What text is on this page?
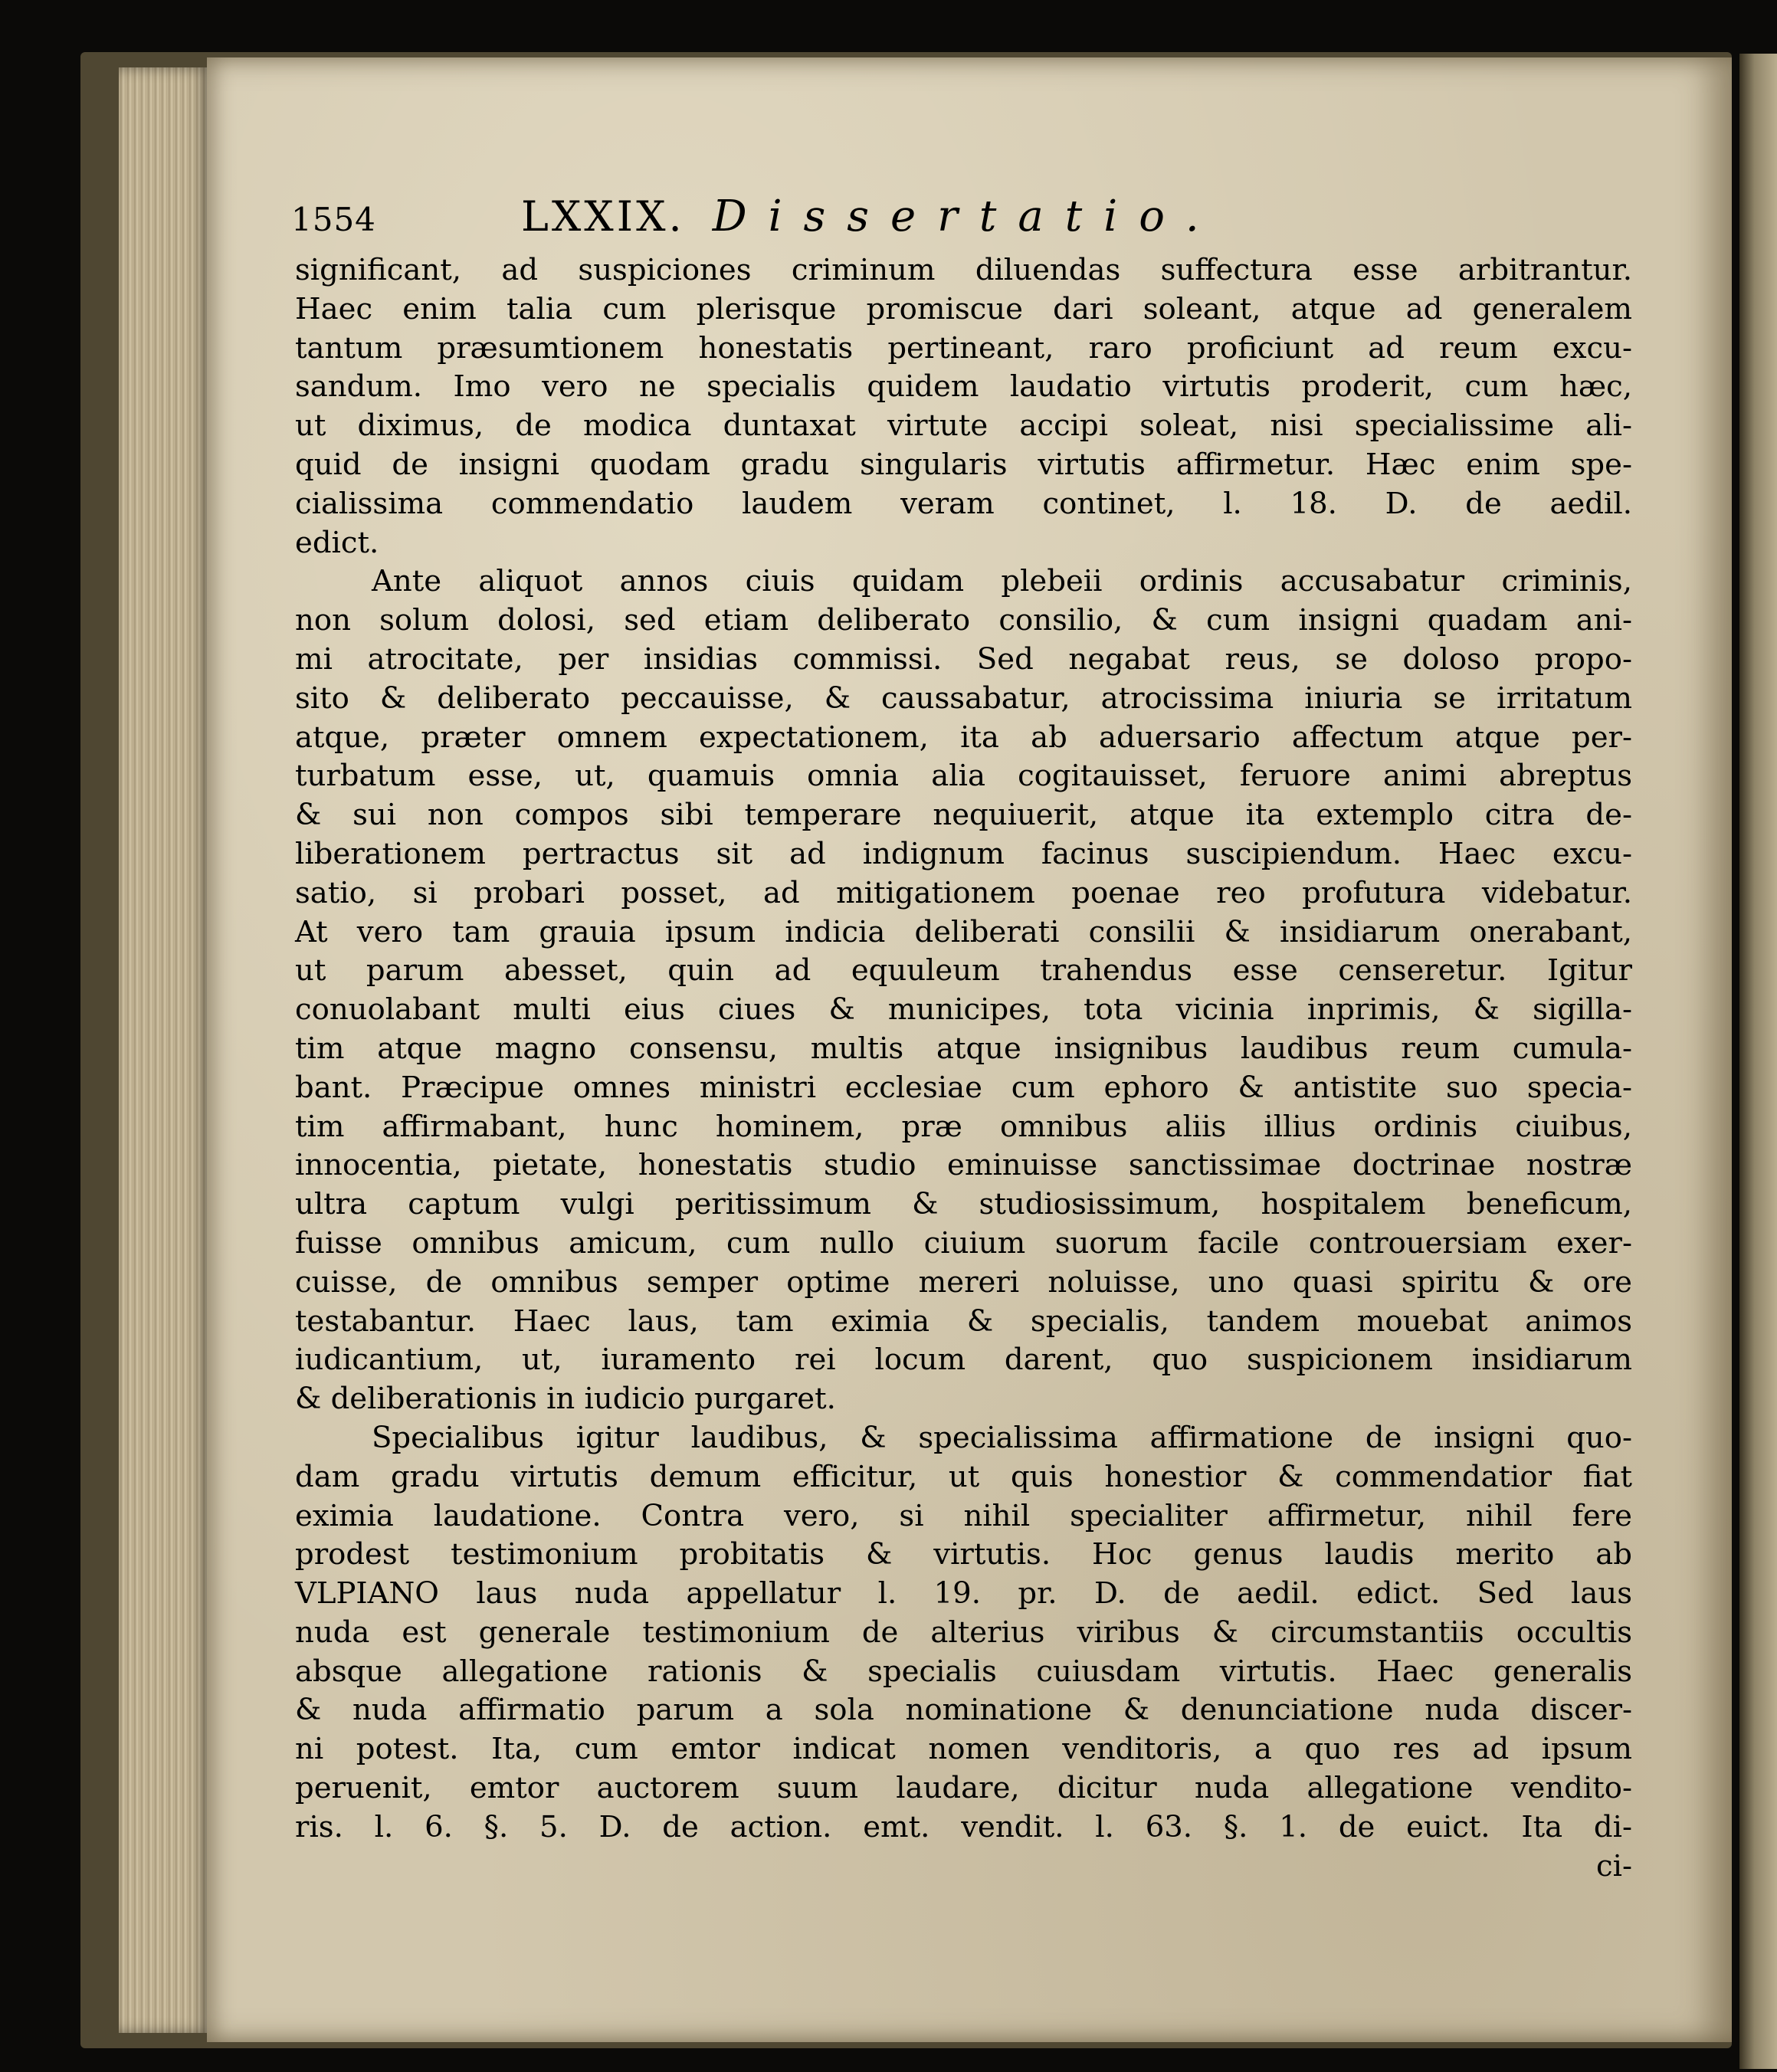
1554	LXXIX. Dissertatio.
significant, ad suspiciones criminum diluendas suffectura esse arbitrantur.
Haec enim talia cum plerisque promiscue dari soleant, atque ad generalem
tantum præsumtionem honestatis pertineant, raro proficiunt ad reum excu-
sandum. Imo vero ne specialis quidem laudatio virtutis proderit, cum hæc,
ut diximus, de modica duntaxat virtute accipi soleat, nisi specialissime ali-
quid de insigni quodam gradu singularis virtutis affirmetur. Hæc enim spe-
cialissima commendatio laudem veram continet, l. 18. D. de aedil.
edict.
Ante aliquot annos ciuis quidam plebeii ordinis accusabatur criminis,
non solum dolosi, sed etiam deliberato consilio, & cum insigni quadam ani-
mi atrocitate, per insidias commissi. Sed negabat reus, se doloso propo-
sito & deliberato peccauisse, & caussabatur, atrocissima iniuria se irritatum
atque, præter omnem expectationem, ita ab aduersario affectum atque per-
turbatum esse, ut, quamuis omnia alia cogitauisset, feruore animi abreptus
& sui non compos sibi temperare nequiuerit, atque ita extemplo citra de-
liberationem pertractus sit ad indignum facinus suscipiendum. Haec excu-
satio, si probari posset, ad mitigationem poenae reo profutura videbatur.
At vero tam grauia ipsum indicia deliberati consilii & insidiarum onerabant,
ut parum abesset, quin ad equuleum trahendus esse censeretur. Igitur
conuolabant multi eius ciues & municipes, tota vicinia inprimis, & sigilla-
tim atque magno consensu, multis atque insignibus laudibus reum cumula-
bant. Præcipue omnes ministri ecclesiae cum ephoro & antistite suo specia-
tim affirmabant, hunc hominem, præ omnibus aliis illius ordinis ciuibus,
innocentia, pietate, honestatis studio eminuisse sanctissimae doctrinae nostræ
ultra captum vulgi peritissimum & studiosissimum, hospitalem beneficum,
fuisse omnibus amicum, cum nullo ciuium suorum facile controuersiam exer-
cuisse, de omnibus semper optime mereri noluisse, uno quasi spiritu & ore
testabantur. Haec laus, tam eximia & specialis, tandem mouebat animos
iudicantium, ut, iuramento rei locum darent, quo suspicionem insidiarum
& deliberationis in iudicio purgaret.
Specialibus igitur laudibus, & specialissima affirmatione de insigni quo-
dam gradu virtutis demum efficitur, ut quis honestior & commendatior fiat
eximia laudatione. Contra vero, si nihil specialiter affirmetur, nihil fere
prodest testimonium probitatis & virtutis. Hoc genus laudis merito ab
VLPIANO laus nuda appellatur l. 19. pr. D. de aedil. edict. Sed laus
nuda est generale testimonium de alterius viribus & circumstantiis occultis
absque allegatione rationis & specialis cuiusdam virtutis. Haec generalis
& nuda affirmatio parum a sola nominatione & denunciatione nuda discer-
ni potest. Ita, cum emtor indicat nomen venditoris, a quo res ad ipsum
peruenit, emtor auctorem suum laudare, dicitur nuda allegatione vendito-
ris. l. 6. §. 5. D. de action. emt. vendit. l. 63. §. 1. de euict. Ita di-
ci-
